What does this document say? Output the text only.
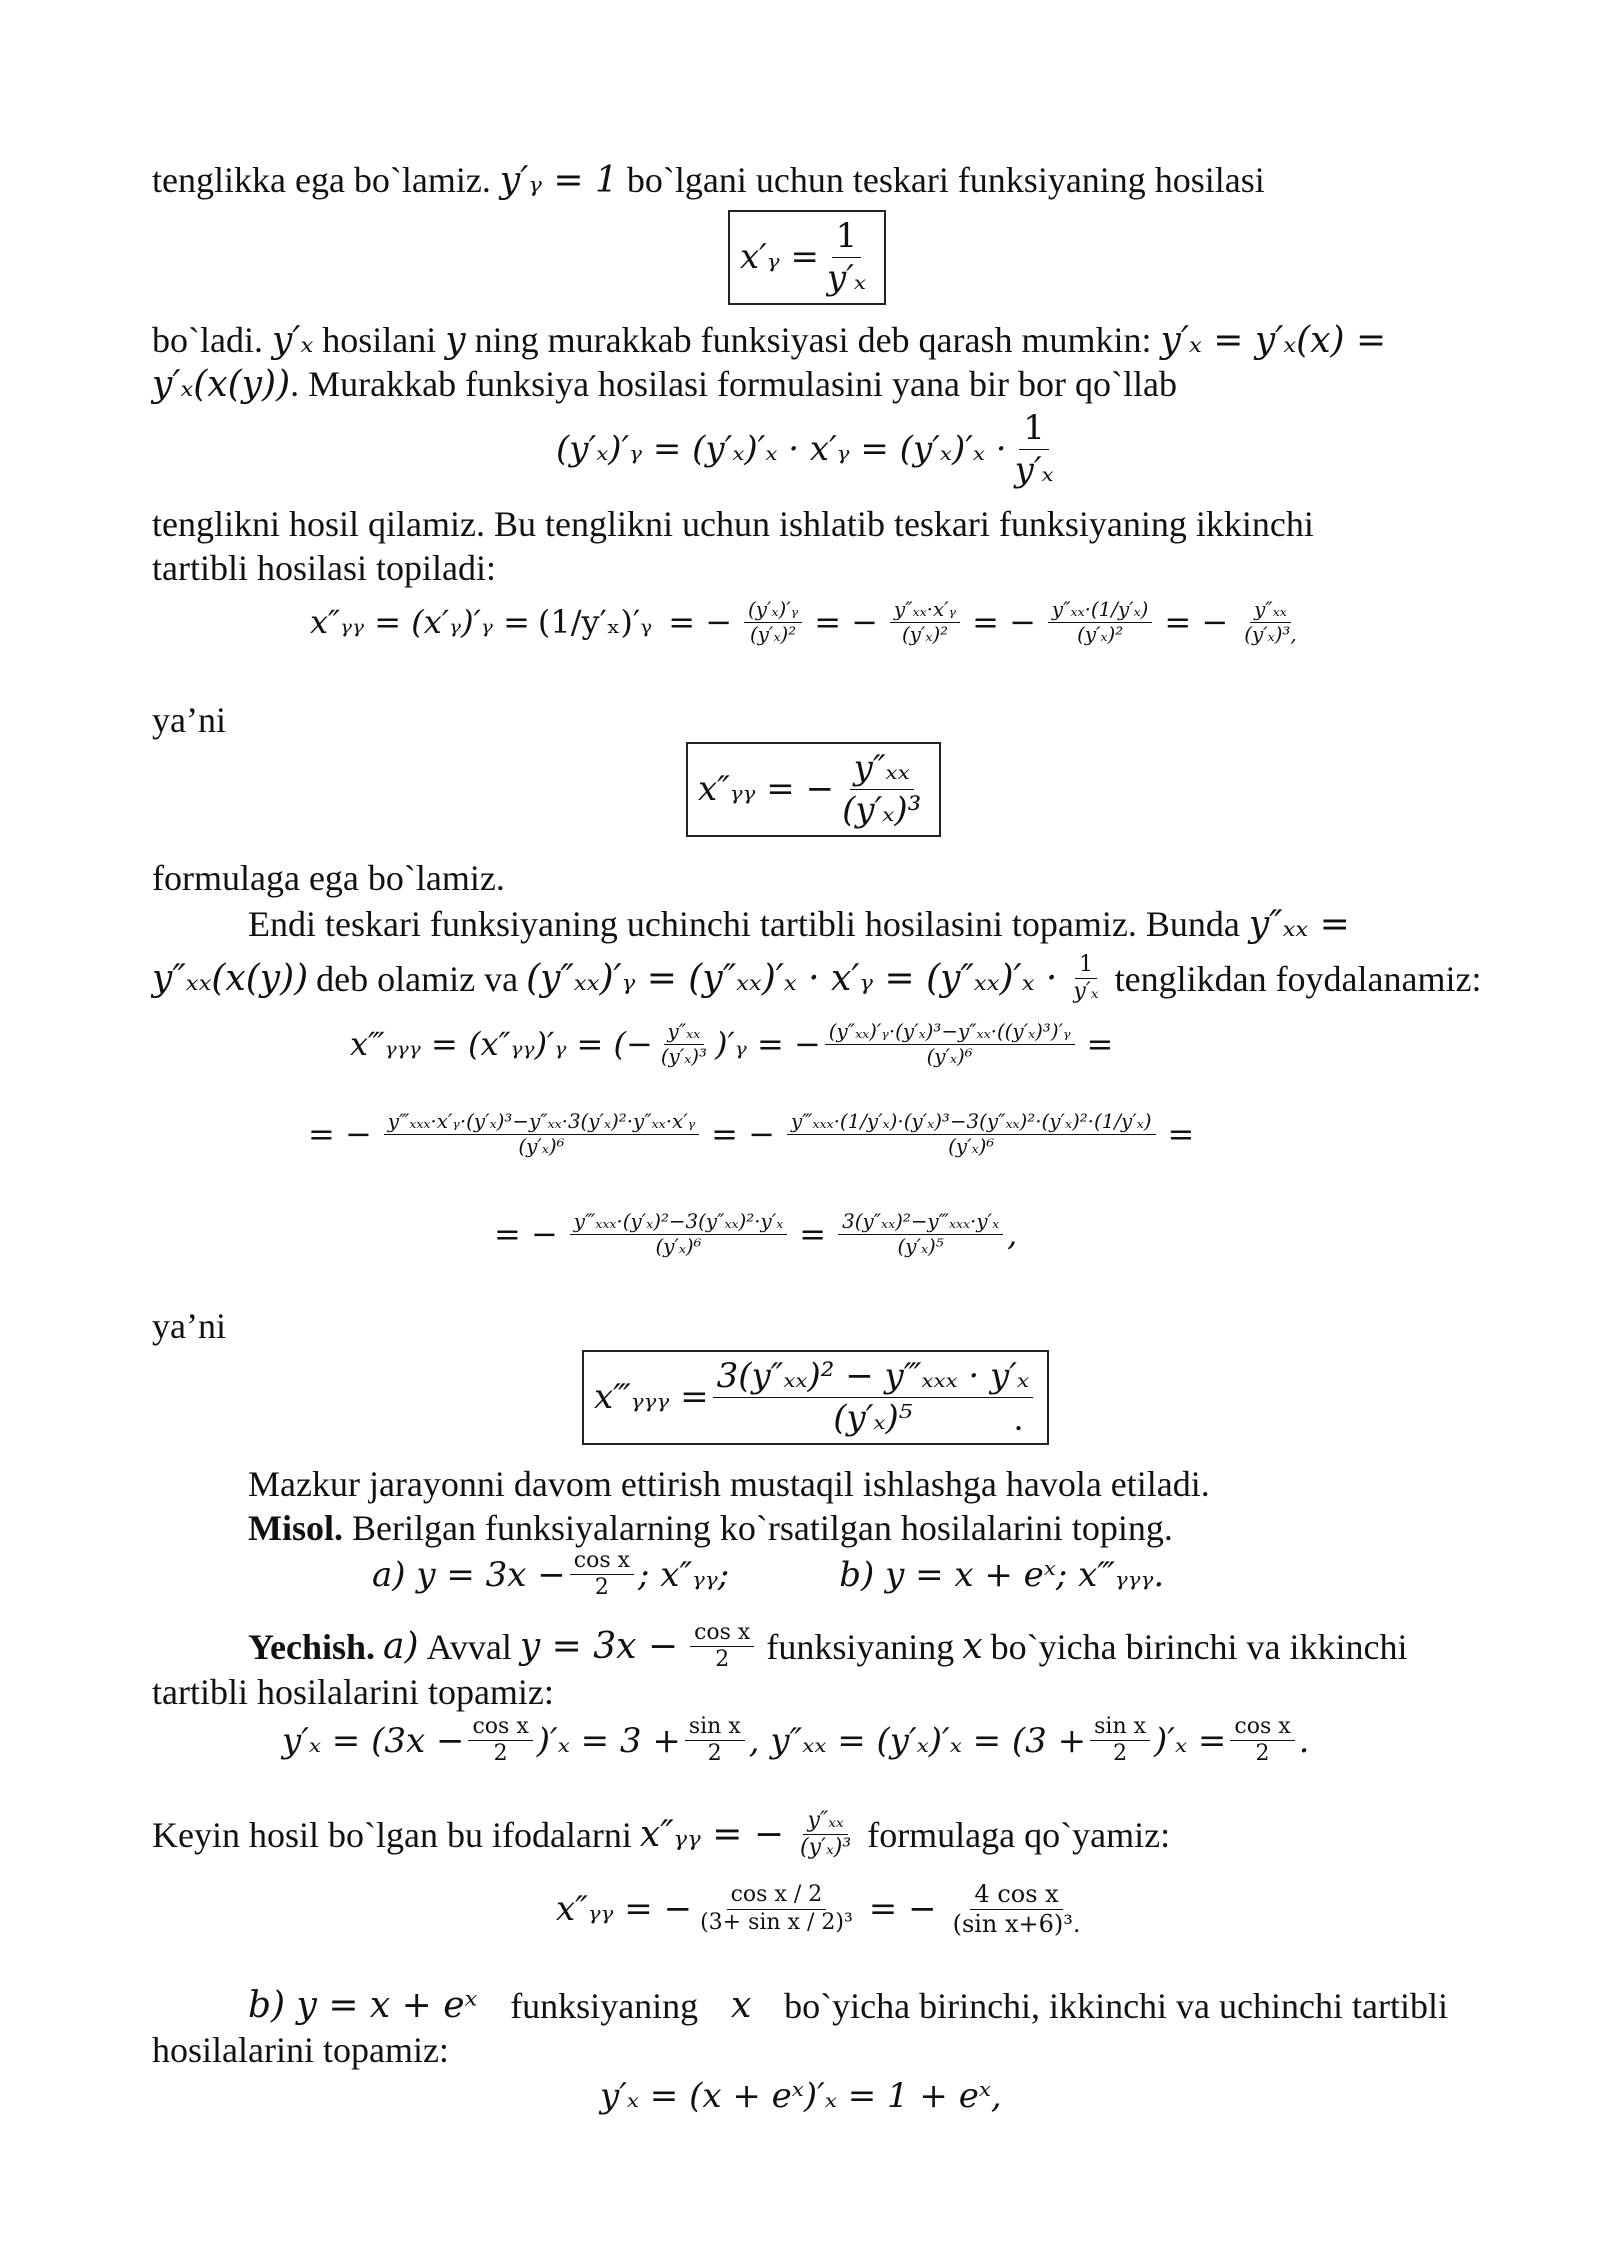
tenglikka ega bo`lamiz. y′ᵧ = 1 bo`lgani uchun teskari funksiyaning hosilasi
x′ᵧ = $\frac{1}{\text{y′ₓ}}$
bo`ladi. y′ₓ hosilani y ning murakkab funksiyasi deb qarash mumkin: y′ₓ = y′ₓ(x) =
y′ₓ(x(y)). Murakkab funksiya hosilasi formulasini yana bir bor qo`llab
(y′ₓ)′ᵧ = (y′ₓ)′ₓ · x′ᵧ = $(y'_x)'_x \cdot \frac{1}{\text{y′ₓ}}$
tenglikni hosil qilamiz. Bu tenglikni uchun ishlatib teskari funksiyaning ikkinchi
tartibli hosilasi topiladi:
x″ᵧᵧ = (x′ᵧ)′ᵧ = (1/y′ₓ)′ᵧ = − $\frac{\text{(y′ₓ)′ᵧ}}{\text{(y′ₓ)²}}$ = − $\frac{\text{y″ₓₓ·x′ᵧ}}{\text{(y′ₓ)²}}$ = − $\frac{\text{y″ₓₓ·(1/y′ₓ)}}{\text{(y′ₓ)²}}$ = − $\frac{\text{y″ₓₓ}}{\text{(y′ₓ)³,}}$
ya’ni
x″ᵧᵧ = − $\frac{\text{y″ₓₓ}}{\text{(y′ₓ)³}}$
formulaga ega bo`lamiz.
Endi teskari funksiyaning uchinchi tartibli hosilasini topamiz. Bunda y″ₓₓ =
y″ₓₓ(x(y)) deb olamiz va (y″ₓₓ)′ᵧ = (y″ₓₓ)′ₓ · x′ᵧ = $(y''_{xx})'_x \cdot \frac{1}{\text{y′ₓ}}$ tenglikdan foydalanamiz:
x‴ᵧᵧᵧ = (x″ᵧᵧ)′ᵧ = (− $\frac{\text{y″ₓₓ}}{\text{(y′ₓ)³}}$ )′ᵧ = − $\frac{\text{(y″ₓₓ)′ᵧ·(y′ₓ)³−y″ₓₓ·((y′ₓ)³)′ᵧ}}{\text{(y′ₓ)⁶}}$ =
= − $\frac{\text{y‴ₓₓₓ·x′ᵧ·(y′ₓ)³−y″ₓₓ·3(y′ₓ)²·y″ₓₓ·x′ᵧ}}{\text{(y′ₓ)⁶}}$ = − $\frac{\text{y‴ₓₓₓ·(1/y′ₓ)·(y′ₓ)³−3(y″ₓₓ)²·(y′ₓ)²·(1/y′ₓ)}}{\text{(y′ₓ)⁶}}$ =
= − $\frac{\text{y‴ₓₓₓ·(y′ₓ)²−3(y″ₓₓ)²·y′ₓ}}{\text{(y′ₓ)⁶}} = \frac{\text{3(y″ₓₓ)²−y‴ₓₓₓ·y′ₓ}}{\text{(y′ₓ)⁵}}$ ,
ya’ni
x‴ᵧᵧᵧ = $\frac{\text{3(y″ₓₓ)² − y‴ₓₓₓ · y′ₓ}}{\text{(y′ₓ)⁵}}$
.
Mazkur jarayonni davom ettirish mustaqil ishlashga havola etiladi.
Misol. Berilgan funksiyalarning ko`rsatilgan hosilalarini toping.
a) $y = 3x - \frac{\text{cos x}}{2}$ ; x″ᵧᵧ;	b) y = x + eˣ; x‴ᵧᵧᵧ.
Yechish. a) Avval $y = 3x - \frac{\text{cos x}}{2}$ funksiyaning x bo`yicha birinchi va ikkinchi
tartibli hosilalarini topamiz:
$y'_x = (3x - \frac{\text{cos x}}{2} )'_x = 3 + \frac{\text{sin x}}{2}$ , $y''_{xx} = (y'_x)'_x = (3 + \frac{\text{sin x}}{2} )'_x = \frac{\text{cos x}}{2}$ .
Keyin hosil bo`lgan bu ifodalarni x″ᵧᵧ = − $\frac{\text{y″ₓₓ}}{\text{(y′ₓ)³}}$ formulaga qo`yamiz:
x″ᵧᵧ = − $\frac{\text{cos x / 2}}{\text{(3+ sin x / 2)³}}$ = − $\frac{\text{4 cos x}}{\text{(sin x+6)³.}}$
b) y = x + eˣ funksiyaning x bo`yicha birinchi, ikkinchi va uchinchi tartibli
hosilalarini topamiz:
y′ₓ = (x + eˣ)′ₓ = 1 + eˣ,
